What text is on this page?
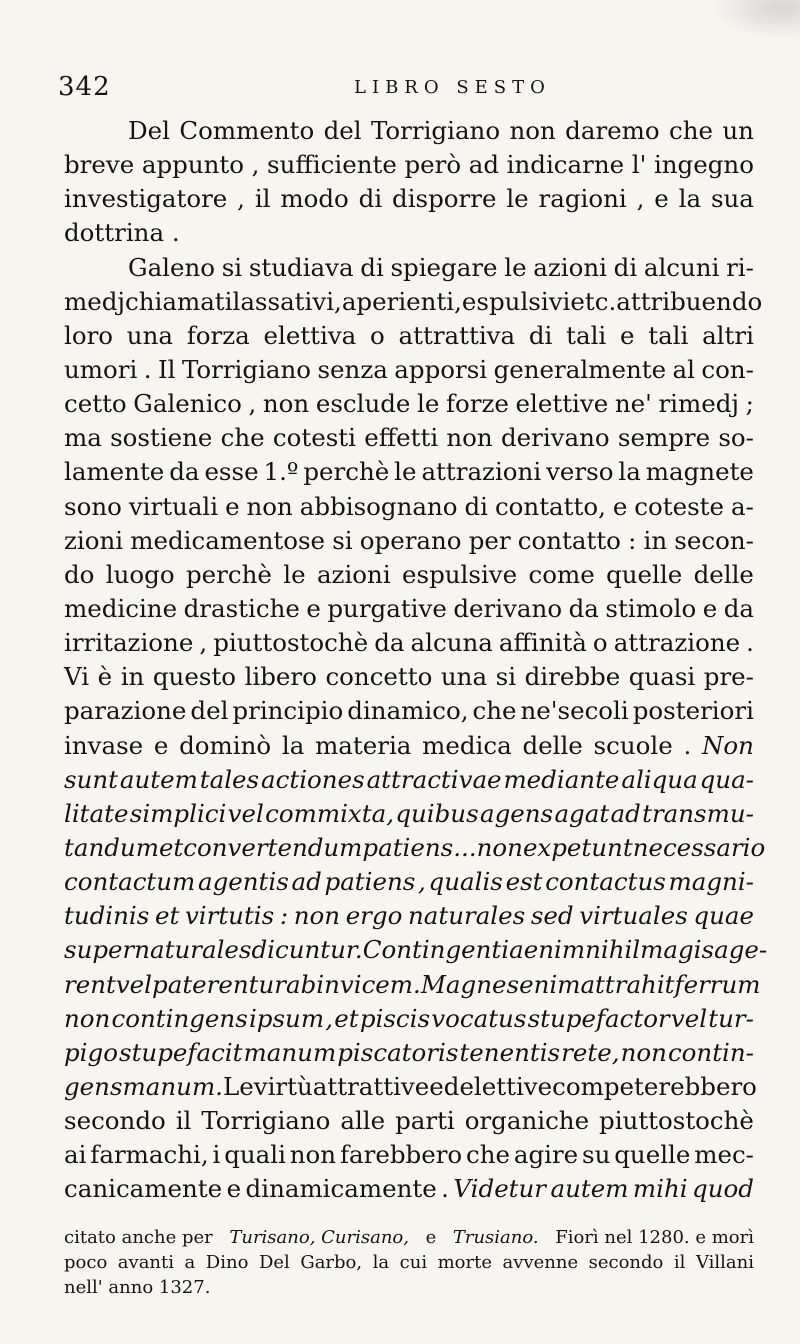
342	LIBRO SESTO
Del Commento del Torrigiano non daremo che un
breve appunto , sufficiente però ad indicarne l' ingegno
investigatore , il modo di disporre le ragioni , e la sua
dottrina .
Galeno si studiava di spiegare le azioni di alcuni ri-
medj chiamati lassativi, aperienti, espulsivi etc. attribuendo
loro una forza elettiva o attrattiva di tali e tali altri
umori . Il Torrigiano senza apporsi generalmente al con-
cetto Galenico , non esclude le forze elettive ne' rimedj ;
ma sostiene che cotesti effetti non derivano sempre so-
lamente da esse 1.º perchè le attrazioni verso la magnete
sono virtuali e non abbisognano di contatto, e coteste a-
zioni medicamentose si operano per contatto : in secon-
do luogo perchè le azioni espulsive come quelle delle
medicine drastiche e purgative derivano da stimolo e da
irritazione , piuttostochè da alcuna affinità o attrazione .
Vi è in questo libero concetto una si direbbe quasi pre-
parazione del principio dinamico, che ne'secoli posteriori
invase e dominò la materia medica delle scuole . Non
sunt autem tales actiones attractivae mediante aliqua qua-
litate simplici vel commixta, quibus agens agat ad transmu-
tandum et convertendum patiens ... non expetunt necessario
contactum agentis ad patiens , qualis est contactus magni-
tudinis et virtutis : non ergo naturales sed virtuales quae
supernaturales dicuntur. Contingentia enim nihil magis age-
rent vel paterentur ab invicem. Magnes enim attrahit ferrum
non contingens ipsum , et piscis vocatus stupefactor vel tur-
pigo stupefacit manum piscatoris tenentis rete, non contin-
gens manum. Le virtù attrattive ed elettive competerebbero
secondo il Torrigiano alle parti organiche piuttostochè
ai farmachi, i quali non farebbero che agire su quelle mec-
canicamente e dinamicamente . Videtur autem mihi quod
citato anche per Turisano, Curisano, e Trusiano. Fiorì nel 1280. e morì
poco avanti a Dino Del Garbo, la cui morte avvenne secondo il Villani
nell' anno 1327.
